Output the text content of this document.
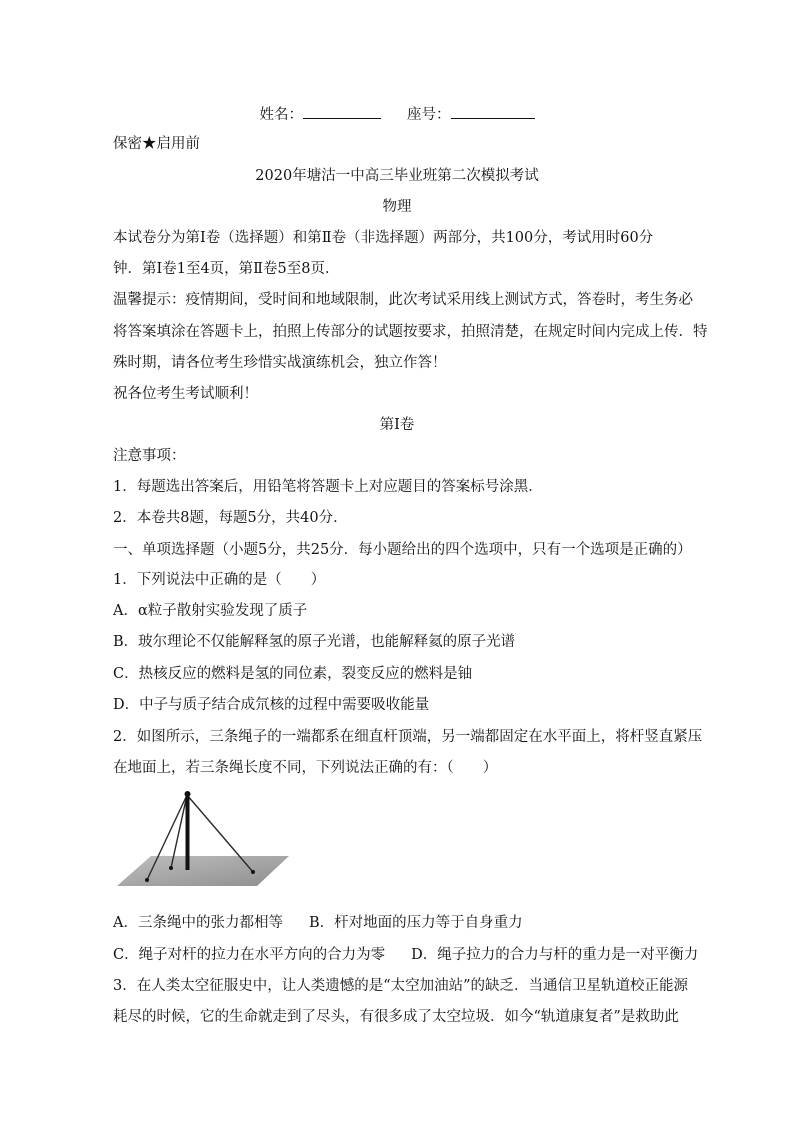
姓名：	座号：
保密★启用前
2020年塘沽一中高三毕业班第二次模拟考试
物理
本试卷分为第Ⅰ卷（选择题）和第Ⅱ卷（非选择题）两部分，共100分，考试用时60分
钟．第Ⅰ卷1至4页，第Ⅱ卷5至8页．
温馨提示：疫情期间，受时间和地域限制，此次考试采用线上测试方式，答卷时，考生务必
将答案填涂在答题卡上，拍照上传部分的试题按要求，拍照清楚，在规定时间内完成上传．特
殊时期，请各位考生珍惜实战演练机会，独立作答！
祝各位考生考试顺利！
第Ⅰ卷
注意事项：
1．每题选出答案后，用铅笔将答题卡上对应题目的答案标号涂黑．
2．本卷共8题，每题5分，共40分．
一、单项选择题（小题5分，共25分．每小题给出的四个选项中，只有一个选项是正确的）
1．下列说法中正确的是（　　）
A．α粒子散射实验发现了质子
B．玻尔理论不仅能解释氢的原子光谱，也能解释氦的原子光谱
C．热核反应的燃料是氢的同位素，裂变反应的燃料是铀
D．中子与质子结合成氘核的过程中需要吸收能量
2．如图所示，三条绳子的一端都系在细直杆顶端，另一端都固定在水平面上，将杆竖直紧压
在地面上，若三条绳长度不同，下列说法正确的有：（　　）
A．三条绳中的张力都相等 B．杆对地面的压力等于自身重力
C．绳子对杆的拉力在水平方向的合力为零 D．绳子拉力的合力与杆的重力是一对平衡力
3．在人类太空征服史中，让人类遗憾的是“太空加油站”的缺乏．当通信卫星轨道校正能源
耗尽的时候，它的生命就走到了尽头，有很多成了太空垃圾．如今“轨道康复者”是救助此
